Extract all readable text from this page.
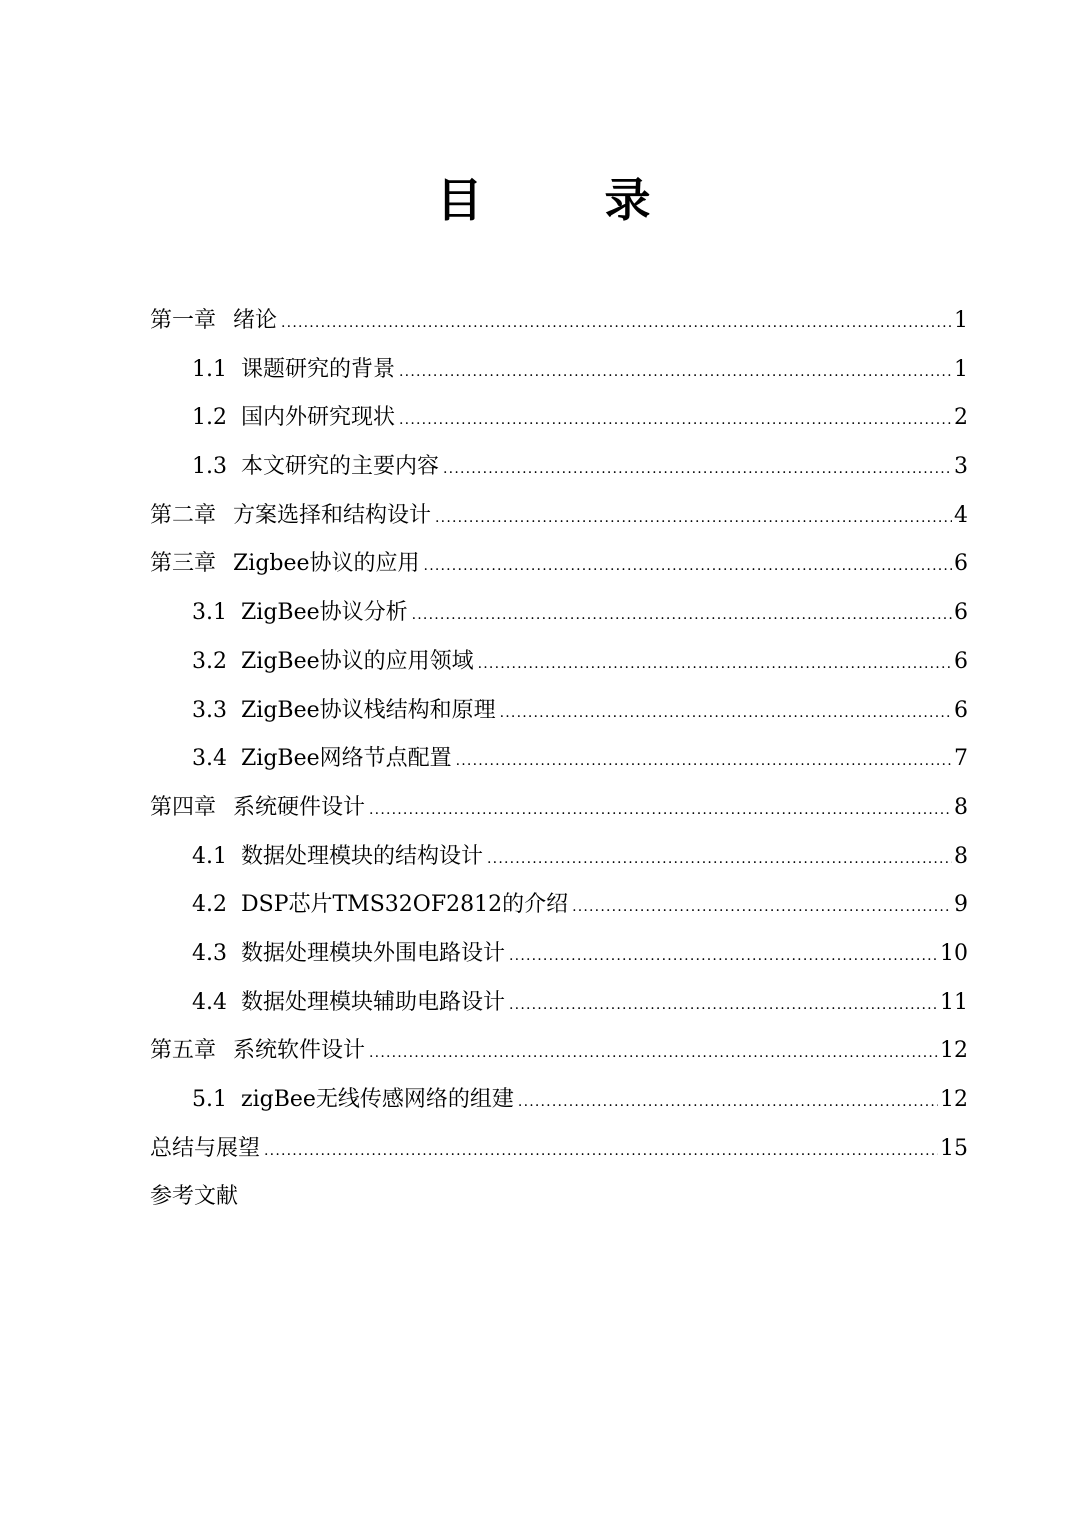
目　录
第一章 绪论 .....	1
1.1 课题研究的背景 .....	1
1.2 国内外研究现状 .....	2
1.3 本文研究的主要内容 .....	3
第二章 方案选择和结构设计 .....	4
第三章 Zigbee协议的应用 .....	6
3.1 ZigBee协议分析 .....	6
3.2 ZigBee协议的应用领域 .....	6
3.3 ZigBee协议栈结构和原理 .....	6
3.4 ZigBee网络节点配置 .....	7
第四章 系统硬件设计 .....	8
4.1 数据处理模块的结构设计 .....	8
4.2 DSP芯片TMS32OF2812的介绍 .....	9
4.3 数据处理模块外围电路设计 .....	10
4.4 数据处理模块辅助电路设计 .....	11
第五章 系统软件设计 .....	12
5.1 zigBee无线传感网络的组建 .....	12
总结与展望 .....	15
参考文献
